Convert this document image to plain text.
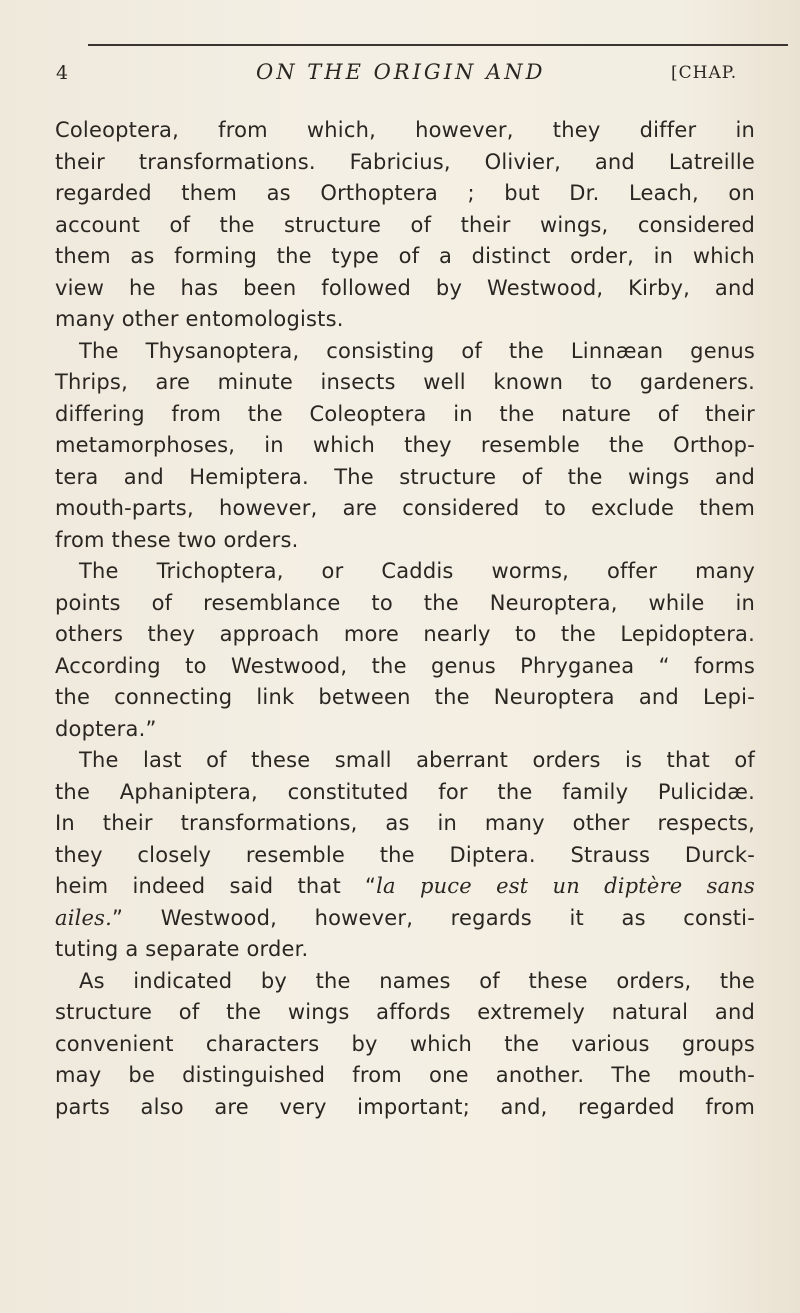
4	ON THE ORIGIN AND	[CHAP.
Coleoptera, from which, however, they differ in
their transformations. Fabricius, Olivier, and Latreille
regarded them as Orthoptera ; but Dr. Leach, on
account of the structure of their wings, considered
them as forming the type of a distinct order, in which
view he has been followed by Westwood, Kirby, and
many other entomologists.
The Thysanoptera, consisting of the Linnæan genus
Thrips, are minute insects well known to gardeners.
differing from the Coleoptera in the nature of their
metamorphoses, in which they resemble the Orthop-
tera and Hemiptera. The structure of the wings and
mouth-parts, however, are considered to exclude them
from these two orders.
The Trichoptera, or Caddis worms, offer many
points of resemblance to the Neuroptera, while in
others they approach more nearly to the Lepidoptera.
According to Westwood, the genus Phryganea “ forms
the connecting link between the Neuroptera and Lepi-
doptera.”
The last of these small aberrant orders is that of
the Aphaniptera, constituted for the family Pulicidæ.
In their transformations, as in many other respects,
they closely resemble the Diptera. Strauss Durck-
heim indeed said that “la puce est un diptère sans
ailes.” Westwood, however, regards it as consti-
tuting a separate order.
As indicated by the names of these orders, the
structure of the wings affords extremely natural and
convenient characters by which the various groups
may be distinguished from one another. The mouth-
parts also are very important; and, regarded from
